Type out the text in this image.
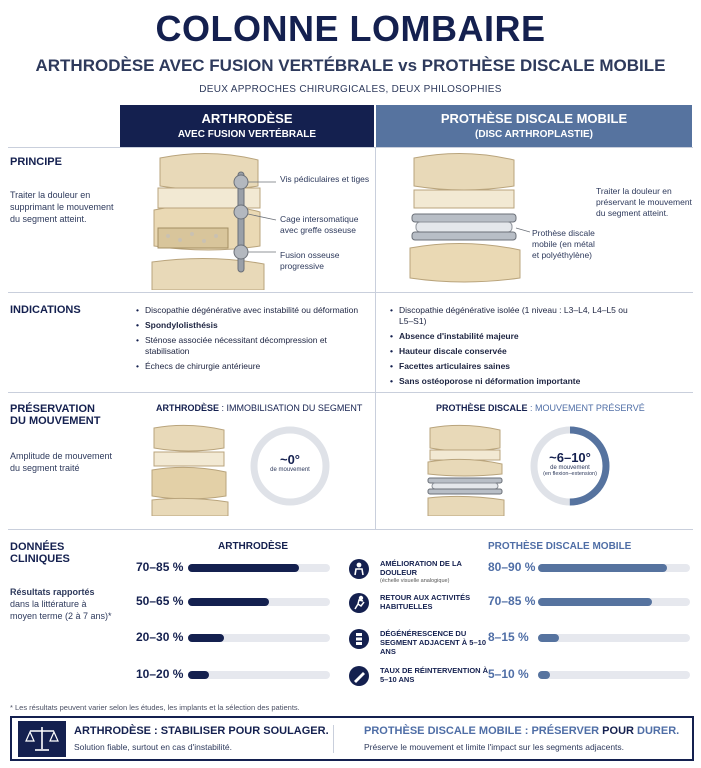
COLONNE LOMBAIRE
ARTHRODÈSE AVEC FUSION VERTÉBRALE vs PROTHÈSE DISCALE MOBILE
DEUX APPROCHES CHIRURGICALES, DEUX PHILOSOPHIES
ARTHRODÈSE
AVEC FUSION VERTÉBRALE
PROTHÈSE DISCALE MOBILE
(DISC ARTHROPLASTIE)
PRINCIPE
Traiter la douleur en supprimant le mouvement du segment atteint.
Vis pédiculaires et tiges
Cage intersomatique avec greffe osseuse
Fusion osseuse progressive
Prothèse discale mobile (en métal et polyéthylène)
Traiter la douleur en préservant le mouvement du segment atteint.
INDICATIONS
•	Discopathie dégénérative avec instabilité ou déformation
• Spondylolisthésis
• Sténose associée nécessitant décompression et stabilisation
• Échecs de chirurgie antérieure
• Discopathie dégénérative isolée (1 niveau : L3–L4, L4–L5 ou L5–S1)
• Absence d'instabilité majeure
• Hauteur discale conservée
• Facettes articulaires saines
• Sans ostéoporose ni déformation importante
PRÉSERVATION
DU MOUVEMENT
Amplitude de mouvement du segment traité
ARTHRODÈSE : IMMOBILISATION DU SEGMENT	PROTHÈSE DISCALE : MOUVEMENT PRÉSERVÉ
~0°
de mouvement
~6–10°
de mouvement
(en flexion–extension)
DONNÉES
CLINIQUES
Résultats rapportés dans la littérature à moyen terme (2 à 7 ans)*
ARTHRODÈSE	PROTHÈSE DISCALE MOBILE
70–85 %	AMÉLIORATION DE LA DOULEUR
(échelle visuelle analogique)
80–90 %
50–65 %	RETOUR AUX ACTIVITÉS HABITUELLES	70–85 %
20–30 %	DÉGÉNÉRESCENCE DU SEGMENT ADJACENT À 5–10 ANS
8–15 %
10–20 %	TAUX DE RÉINTERVENTION À 5–10 ANS	5–10 %
* Les résultats peuvent varier selon les études, les implants et la sélection des patients.
ARTHRODÈSE : STABILISER POUR SOULAGER.
Solution fiable, surtout en cas d'instabilité.
PROTHÈSE DISCALE MOBILE : PRÉSERVER POUR DURER.
Préserve le mouvement et limite l'impact sur les segments adjacents.
